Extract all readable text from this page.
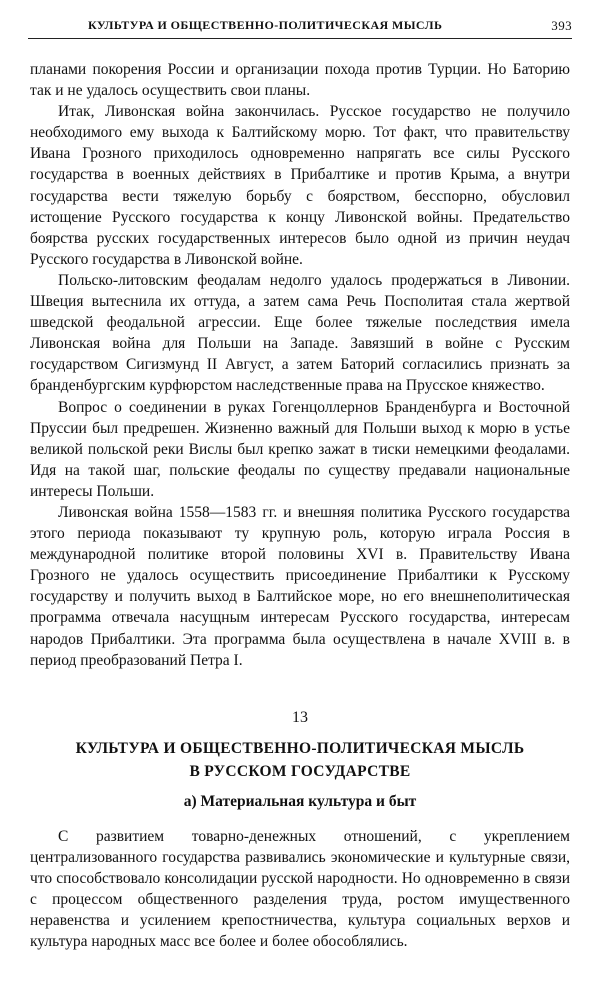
КУЛЬТУРА И ОБЩЕСТВЕННО-ПОЛИТИЧЕСКАЯ МЫСЛЬ	393

планами покорения России и организации похода против Турции. Но Баторию так и не удалось осуществить свои планы.

Итак, Ливонская война закончилась. Русское государство не получило необходимого ему выхода к Балтийскому морю. Тот факт, что правительству Ивана Грозного приходилось одновременно напрягать все силы Русского государства в военных действиях в Прибалтике и против Крыма, а внутри государства вести тяжелую борьбу с боярством, бесспорно, обусловил истощение Русского государства к концу Ливонской войны. Предательство боярства русских государственных интересов было одной из причин неудач Русского государства в Ливонской войне.

Польско-литовским феодалам недолго удалось продержаться в Ливонии. Швеция вытеснила их оттуда, а затем сама Речь Посполитая стала жертвой шведской феодальной агрессии. Еще более тяжелые последствия имела Ливонская война для Польши на Западе. Завязший в войне с Русским государством Сигизмунд II Август, а затем Баторий согласились признать за бранденбургским курфюрстом наследственные права на Прусское княжество.

Вопрос о соединении в руках Гогенцоллернов Бранденбурга и Восточной Пруссии был предрешен. Жизненно важный для Польши выход к морю в устье великой польской реки Вислы был крепко зажат в тиски немецкими феодалами. Идя на такой шаг, польские феодалы по существу предавали национальные интересы Польши.

Ливонская война 1558—1583 гг. и внешняя политика Русского государства этого периода показывают ту крупную роль, которую играла Россия в международной политике второй половины XVI в. Правительству Ивана Грозного не удалось осуществить присоединение Прибалтики к Русскому государству и получить выход в Балтийское море, но его внешнеполитическая программа отвечала насущным интересам Русского государства, интересам народов Прибалтики. Эта программа была осуществлена в начале XVIII в. в период преобразований Петра I.

13
КУЛЬТУРА И ОБЩЕСТВЕННО-ПОЛИТИЧЕСКАЯ МЫСЛЬ
В РУССКОМ ГОСУДАРСТВЕ
а) Материальная культура и быт

С развитием товарно-денежных отношений, с укреплением централизованного государства развивались экономические и культурные связи, что способствовало консолидации русской народности. Но одновременно в связи с процессом общественного разделения труда, ростом имущественного неравенства и усилением крепостничества, культура социальных верхов и культура народных масс все более и более обособлялись.
